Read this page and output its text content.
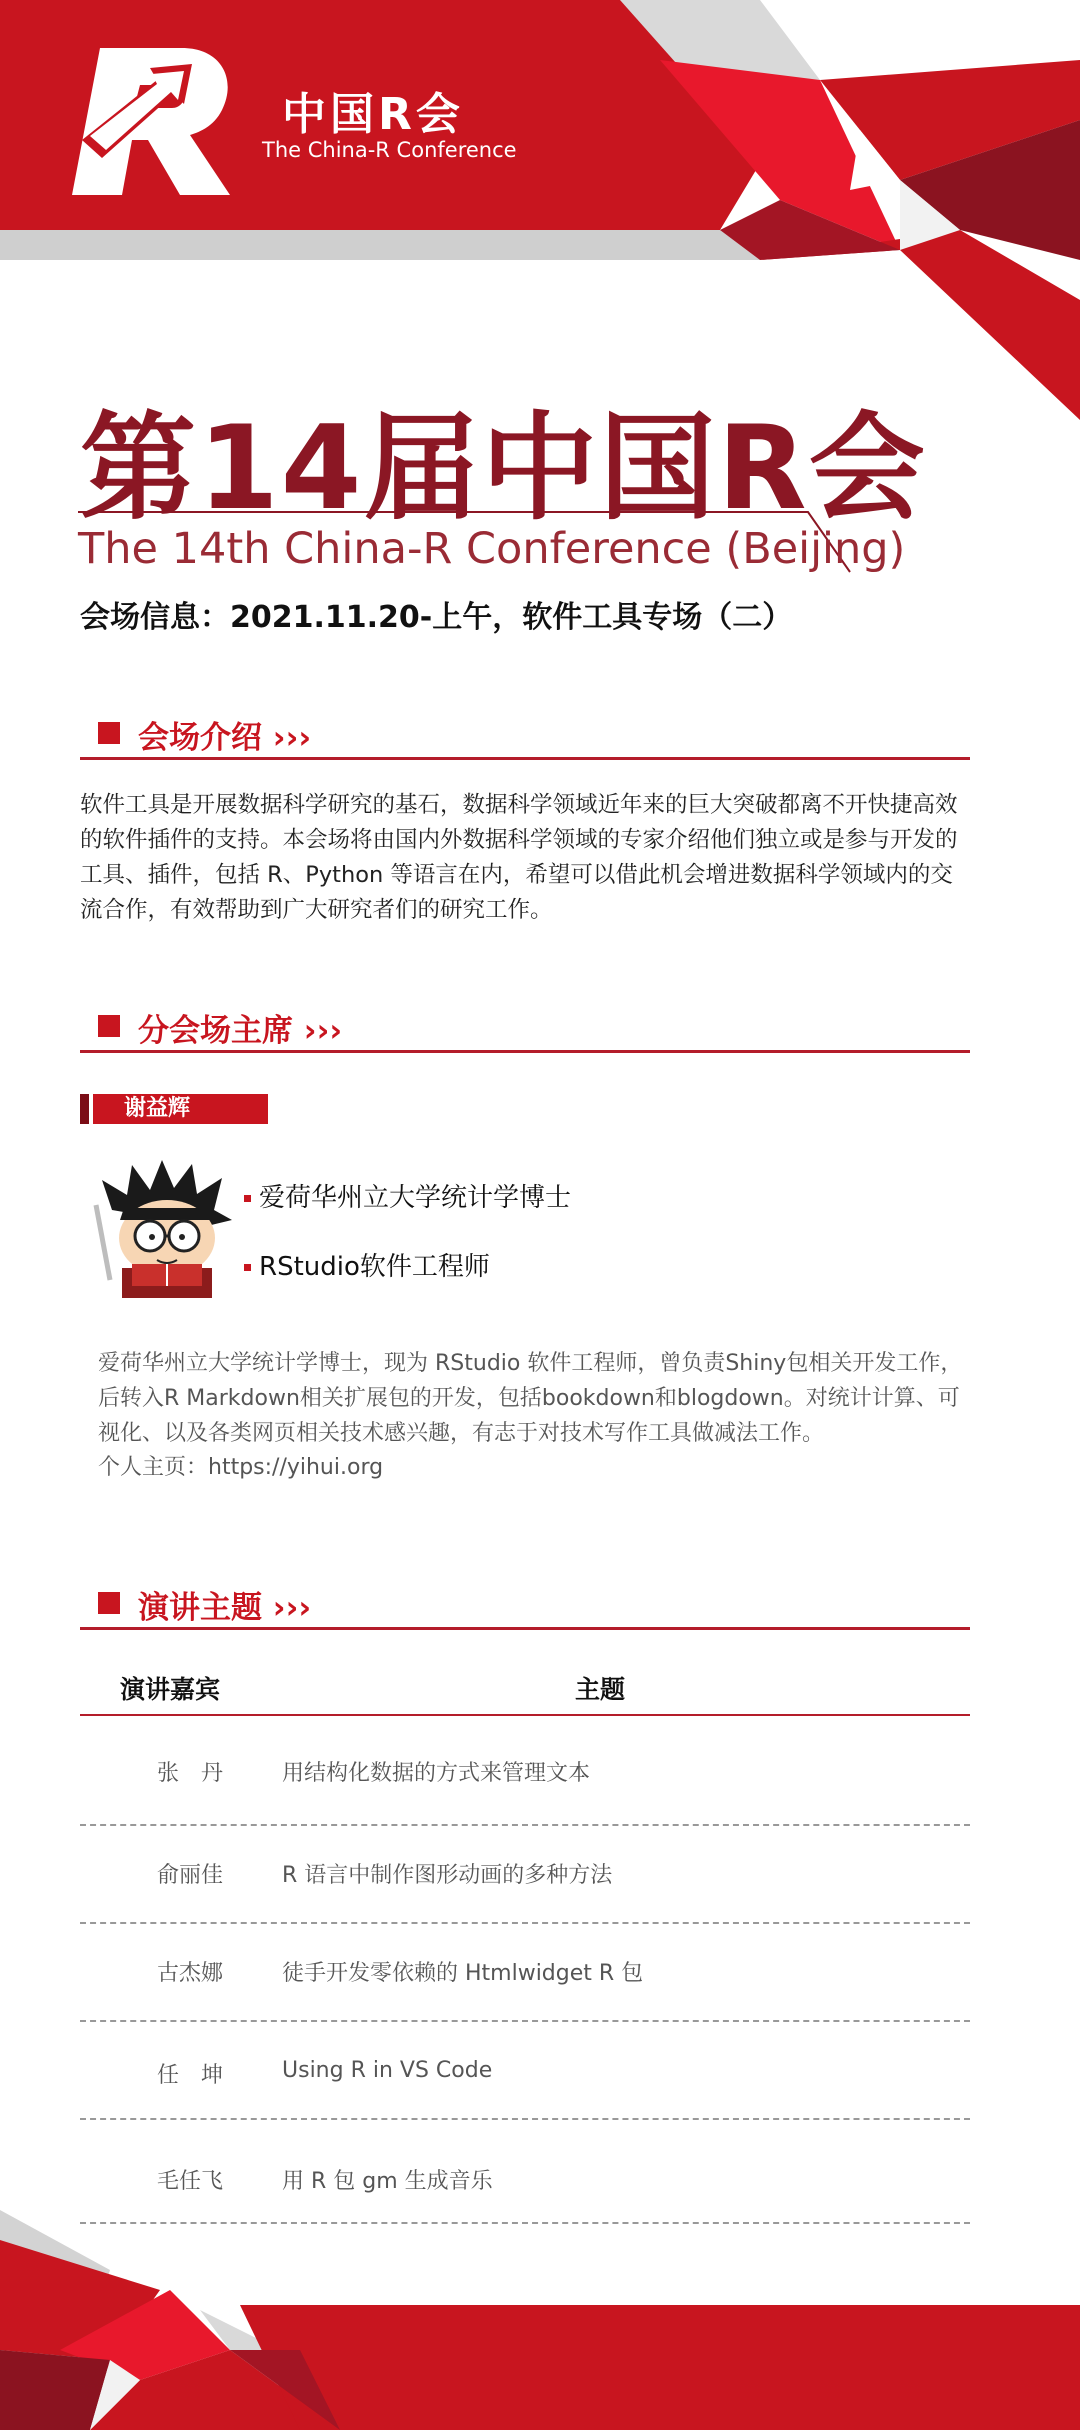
中国R会
The China-R Conference
第14届中国R会
The 14th China-R Conference (Beijing)
会场信息：2021.11.20-上午，软件工具专场（二）
会场介绍 ›››
软件工具是开展数据科学研究的基石，数据科学领域近年来的巨大突破都离不开快捷高效的软件插件的支持。本会场将由国内外数据科学领域的专家介绍他们独立或是参与开发的工具、插件，包括 R、Python 等语言在内，希望可以借此机会增进数据科学领域内的交流合作，有效帮助到广大研究者们的研究工作。
分会场主席 ›››
谢益辉
爱荷华州立大学统计学博士
RStudio软件工程师
爱荷华州立大学统计学博士，现为 RStudio 软件工程师，曾负责Shiny包相关开发工作，后转入R Markdown相关扩展包的开发，包括bookdown和blogdown。对统计计算、可视化、以及各类网页相关技术感兴趣，有志于对技术写作工具做减法工作。
个人主页：https://yihui.org
演讲主题 ›››
演讲嘉宾	主题
张　丹	用结构化数据的方式来管理文本
俞丽佳	R 语言中制作图形动画的多种方法
古杰娜	徒手开发零依赖的 Htmlwidget R 包
任　坤	Using R in VS Code
毛任飞	用 R 包 gm 生成音乐
